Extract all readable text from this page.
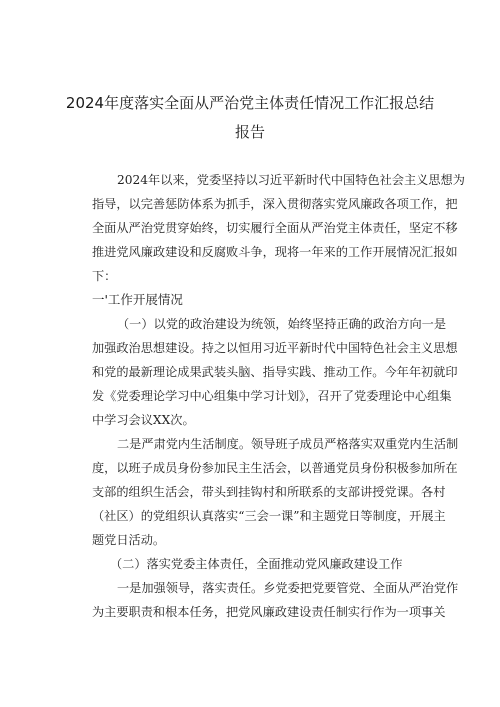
2024年度落实全面从严治党主体责任情况工作汇报总结
报告
2024年以来，党委坚持以习近平新时代中国特色社会主义思想为
指导，以完善惩防体系为抓手，深入贯彻落实党风廉政各项工作，把
全面从严治党贯穿始终，切实履行全面从严治党主体责任，坚定不移
推进党风廉政建设和反腐败斗争，现将一年来的工作开展情况汇报如
下：
一'工作开展情况
（一）以党的政治建设为统领，始终坚持正确的政治方向一是
加强政治思想建设。持之以恒用习近平新时代中国特色社会主义思想
和党的最新理论成果武装头脑、指导实践、推动工作。今年年初就印
发《党委理论学习中心组集中学习计划》，召开了党委理论中心组集
中学习会议XX次。
二是严肃党内生活制度。领导班子成员严格落实双重党内生活制
度，以班子成员身份参加民主生活会，以普通党员身份积极参加所在
支部的组织生活会，带头到挂钩村和所联系的支部讲授党课。各村
（社区）的党组织认真落实“三会一课”和主题党日等制度，开展主
题党日活动。
（二）落实党委主体责任，全面推动党风廉政建设工作
一是加强领导，落实责任。乡党委把党要管党、全面从严治党作
为主要职责和根本任务，把党风廉政建设责任制实行作为一项事关
